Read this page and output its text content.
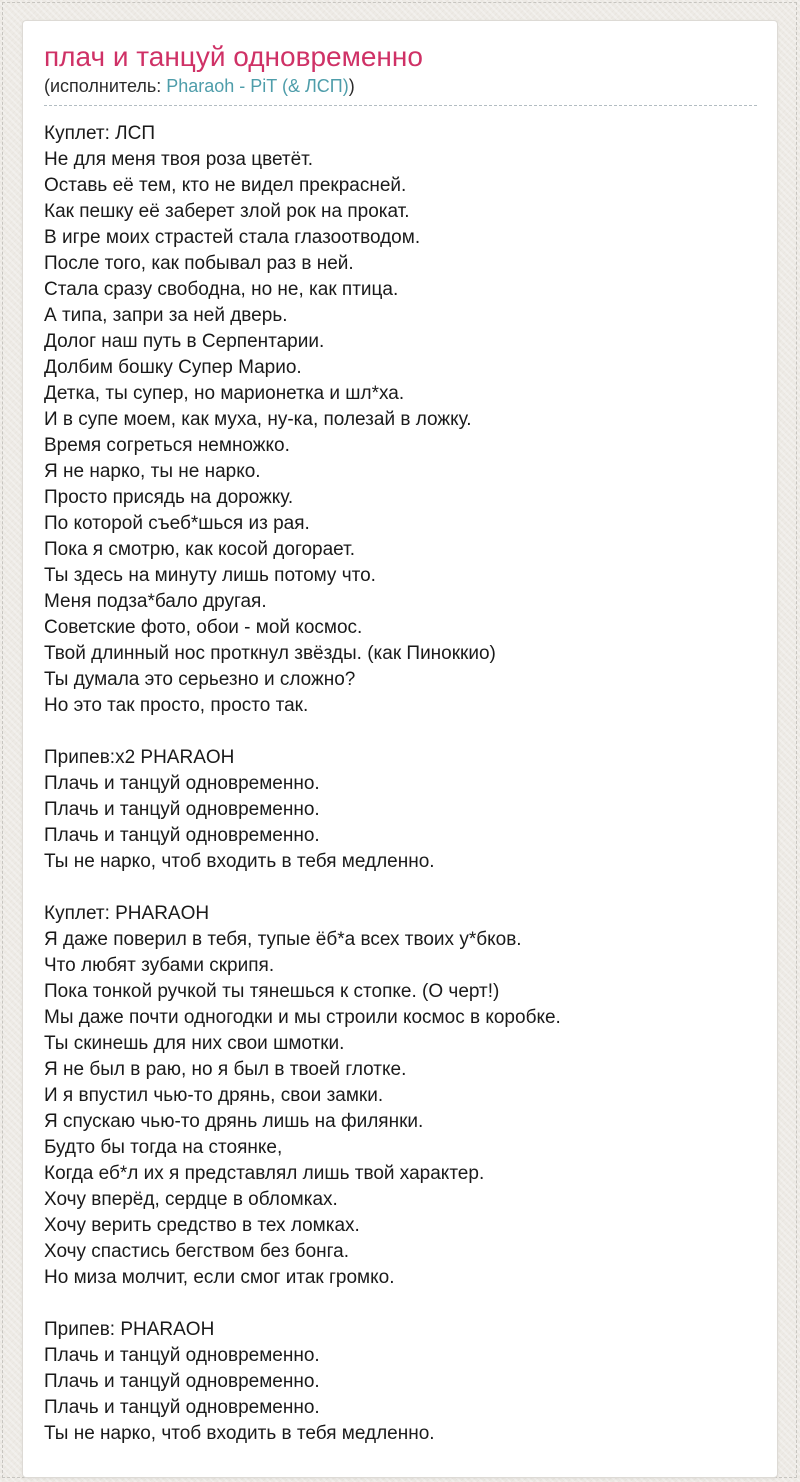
плач и танцуй одновременно
(исполнитель: Pharaoh - PiT (& ЛСП))
Куплет: ЛСП
Не для меня твоя роза цветёт.
Оставь её тем, кто не видел прекрасней.
Как пешку её заберет злой рок на прокат.
В игре моих страстей стала глазоотводом.
После того, как побывал раз в ней.
Стала сразу свободна, но не, как птица.
А типа, запри за ней дверь.
Долог наш путь в Серпентарии.
Долбим бошку Супер Марио.
Детка, ты супер, но марионетка и шл*ха.
И в супе моем, как муха, ну-ка, полезай в ложку.
Время согреться немножко.
Я не нарко, ты не нарко.
Просто присядь на дорожку.
По которой съеб*шься из рая.
Пока я смотрю, как косой догорает.
Ты здесь на минуту лишь потому что.
Меня подза*бало другая.
Советские фото, обои - мой космос.
Твой длинный нос проткнул звёзды. (как Пиноккио)
Ты думала это серьезно и сложно?
Но это так просто, просто так.
Припев:x2 PHARAOH
Плачь и танцуй одновременно.
Плачь и танцуй одновременно.
Плачь и танцуй одновременно.
Ты не нарко, чтоб входить в тебя медленно.
Куплет: PHARAOH
Я даже поверил в тебя, тупые ёб*а всех твоих у*бков.
Что любят зубами скрипя.
Пока тонкой ручкой ты тянешься к стопке. (О черт!)
Мы даже почти одногодки и мы строили космос в коробке.
Ты скинешь для них свои шмотки.
Я не был в раю, но я был в твоей глотке.
И я впустил чью-то дрянь, свои замки.
Я спускаю чью-то дрянь лишь на филянки.
Будто бы тогда на стоянке,
Когда еб*л их я представлял лишь твой характер.
Хочу вперёд, сердце в обломках.
Хочу верить средство в тех ломках.
Хочу спастись бегством без бонга.
Но миза молчит, если смог итак громко.
Припев: PHARAOH
Плачь и танцуй одновременно.
Плачь и танцуй одновременно.
Плачь и танцуй одновременно.
Ты не нарко, чтоб входить в тебя медленно.
